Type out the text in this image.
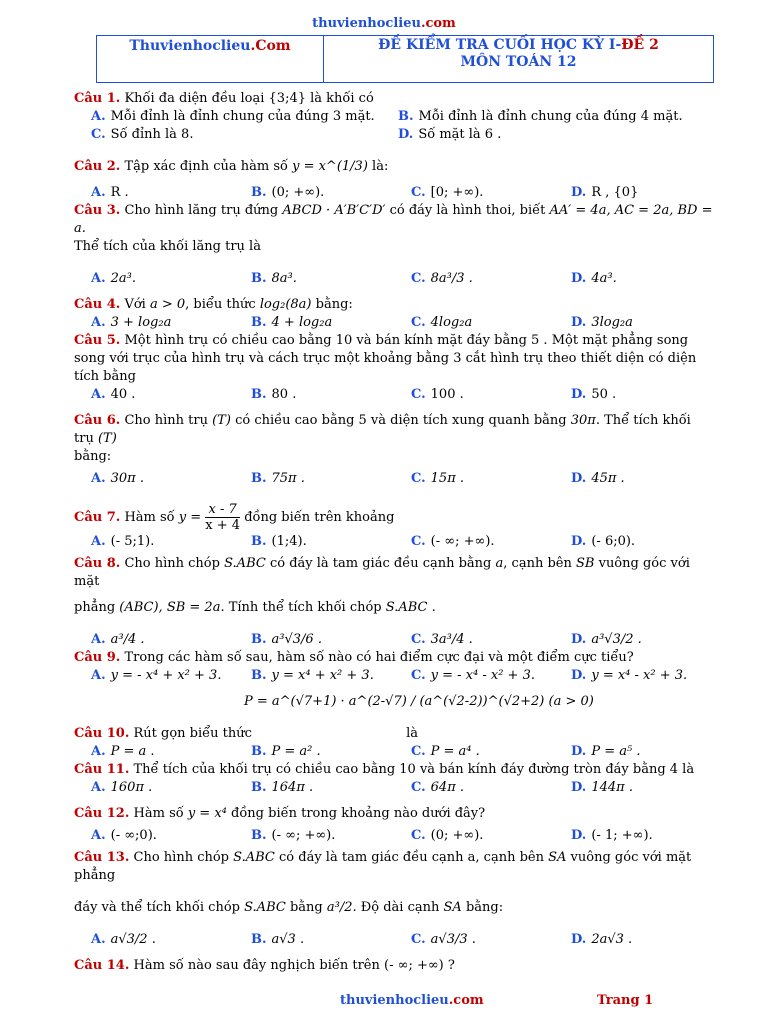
thuvienhoclieu.com
Thuvienhoclieu.Com	ĐỀ KIỂM TRA CUỐI HỌC KỲ I-ĐỀ 2
MÔN TOÁN 12
Câu 1. Khối đa diện đều loại {3;4} là khối có
A. Mỗi đỉnh là đỉnh chung của đúng 3 mặt.	B. Mỗi đỉnh là đỉnh chung của đúng 4 mặt.
C. Số đỉnh là 8.	D. Số mặt là 6 .
Câu 2. Tập xác định của hàm số y = x^(1/3) là:
A. R .	B. (0; +∞).	C. [0; +∞).	D. R , {0}
Câu 3. Cho hình lăng trụ đứng ABCD · A′B′C′D′ có đáy là hình thoi, biết AA′ = 4a, AC = 2a, BD = a.
Thể tích của khối lăng trụ là
A. 2a³.	B. 8a³.	C. 8a³/3 .	D. 4a³.
Câu 4. Với a > 0, biểu thức log₂(8a) bằng:
A. 3 + log₂a	B. 4 + log₂a	C. 4log₂a	D. 3log₂a
Câu 5. Một hình trụ có chiều cao bằng 10 và bán kính mặt đáy bằng 5 . Một mặt phẳng song song với trục của hình trụ và cách trục một khoảng bằng 3 cắt hình trụ theo thiết diện có diện tích bằng
A. 40 .	B. 80 .	C. 100 .	D. 50 .
Câu 6. Cho hình trụ (T) có chiều cao bằng 5 và diện tích xung quanh bằng 30π. Thể tích khối trụ (T)
bằng:
A. 30π .	B. 75π .	C. 15π .	D. 45π .
Câu 7. Hàm số $y = \frac{x - 7}{x + 4}$ đồng biến trên khoảng
A. (- 5;1).	B. (1;4).	C. (- ∞; +∞).	D. (- 6;0).
Câu 8. Cho hình chóp S.ABC có đáy là tam giác đều cạnh bằng a, cạnh bên SB vuông góc với mặt
phẳng (ABC), SB = 2a. Tính thể tích khối chóp S.ABC .
A. a³/4 .	B. a³√3/6 .	C. 3a³/4 .	D. a³√3/2 .
Câu 9. Trong các hàm số sau, hàm số nào có hai điểm cực đại và một điểm cực tiểu?
A. y = - x⁴ + x² + 3.	B. y = x⁴ + x² + 3.	C. y = - x⁴ - x² + 3.	D. y = x⁴ - x² + 3.
P = a^(√7+1) · a^(2-√7) / (a^(√2-2))^(√2+2) (a > 0)
Câu 10. Rút gọn biểu thức	là
A. P = a .	B. P = a² .	C. P = a⁴ .	D. P = a⁵ .
Câu 11. Thể tích của khối trụ có chiều cao bằng 10 và bán kính đáy đường tròn đáy bằng 4 là
A. 160π .	B. 164π .	C. 64π .	D. 144π .
Câu 12. Hàm số y = x⁴ đồng biến trong khoảng nào dưới đây?
A. (- ∞;0).	B. (- ∞; +∞).	C. (0; +∞).	D. (- 1; +∞).
Câu 13. Cho hình chóp S.ABC có đáy là tam giác đều cạnh a, cạnh bên SA vuông góc với mặt phẳng
đáy và thể tích khối chóp S.ABC bằng a³/2. Độ dài cạnh SA bằng:
A. a√3/2 .	B. a√3 .	C. a√3/3 .	D. 2a√3 .
Câu 14. Hàm số nào sau đây nghịch biến trên (- ∞; +∞) ?
thuvienhoclieu.com	Trang 1
